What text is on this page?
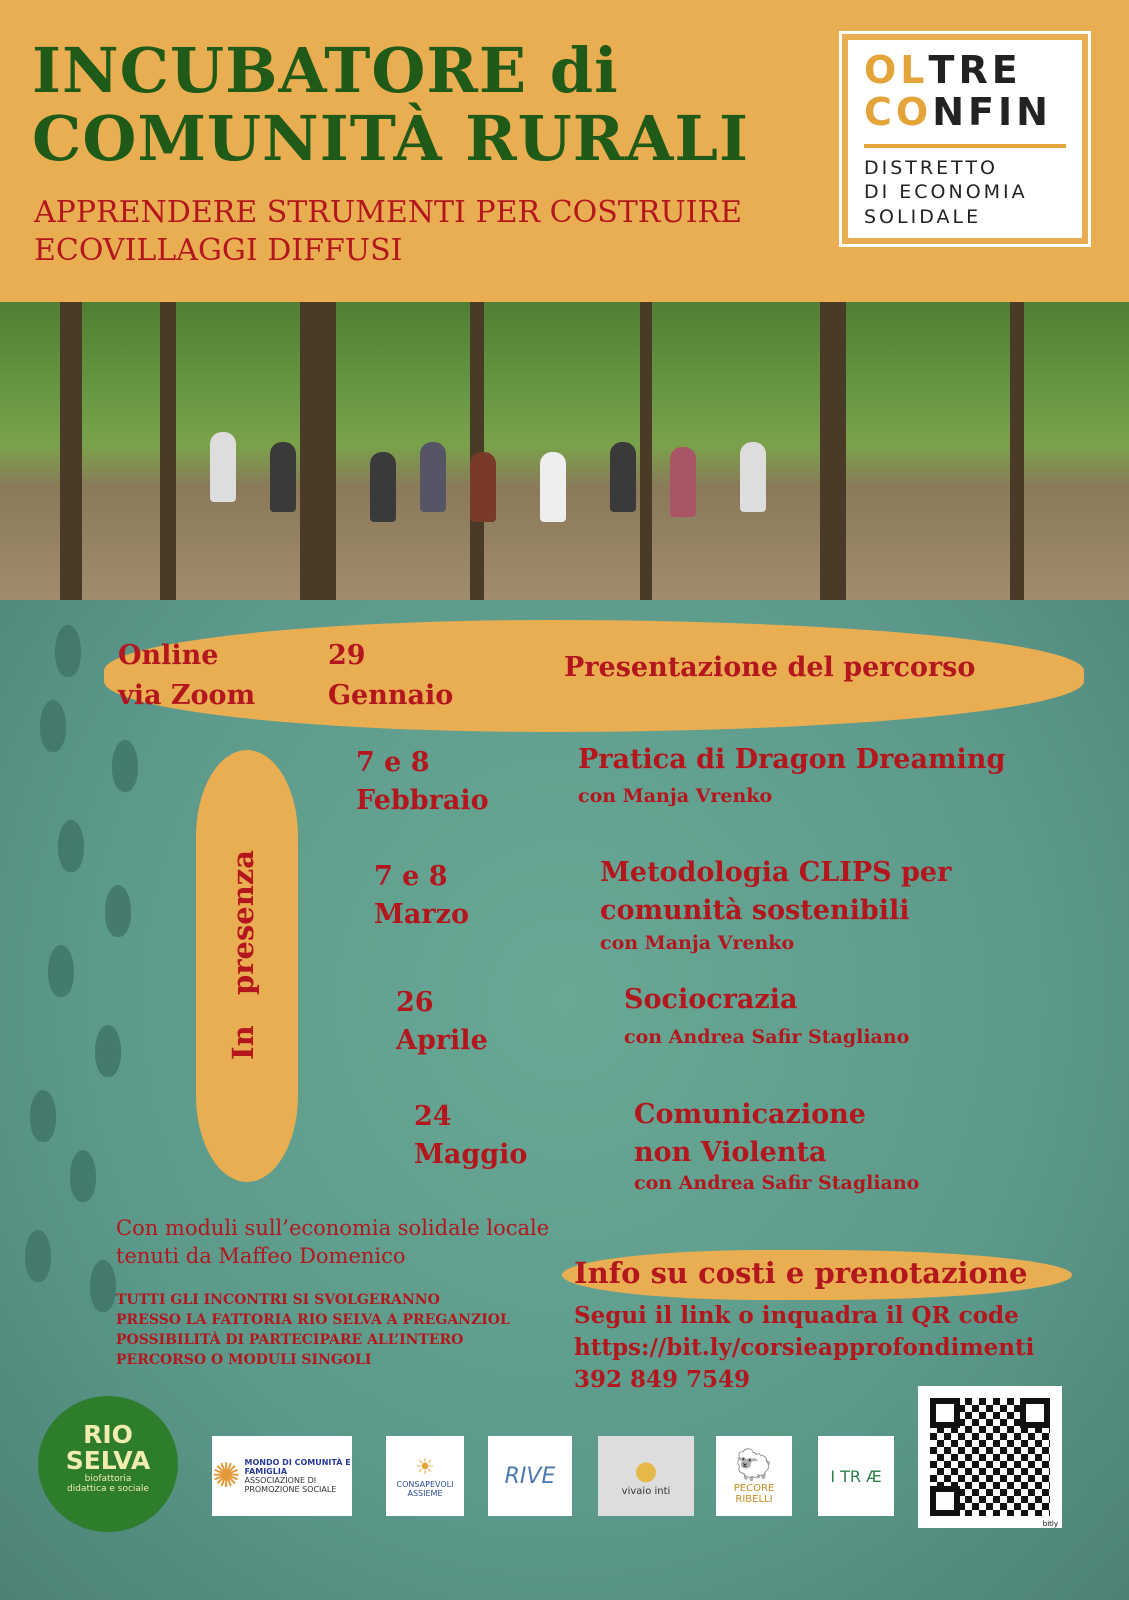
INCUBATORE di
COMUNITÀ RURALI
APPRENDERE STRUMENTI PER COSTRUIRE
ECOVILLAGGI DIFFUSI
OLTRE
CONFIN
DISTRETTO
DI ECONOMIA
SOLIDALE
Online
via Zoom
29
Gennaio
Presentazione del percorso
In   presenza
7 e 8
Febbraio
Pratica di Dragon Dreaming
con Manja Vrenko
7 e 8
Marzo
Metodologia CLIPS per
comunità sostenibili
con Manja Vrenko
26
Aprile
Sociocrazia
con Andrea Safir Stagliano
24
Maggio
Comunicazione
non Violenta
con Andrea Safir Stagliano
Con moduli sull’economia solidale locale
tenuti da Maffeo Domenico
TUTTI GLI INCONTRI SI SVOLGERANNO
PRESSO LA FATTORIA RIO SELVA A PREGANZIOL
POSSIBILITÀ DI PARTECIPARE ALL’INTERO
PERCORSO O MODULI SINGOLI
Info su costi e prenotazione
Segui il link o inquadra il QR code
https://bit.ly/corsieapprofondimenti
392 849 7549
RIO
SELVA
biofattoria
didattica e sociale	✺ MONDO DI COMUNITÀ E FAMIGLIA
ASSOCIAZIONE DI PROMOZIONE SOCIALE
☀
CONSAPEVOLI ASSIEME
RIVE	●
vivaio inti
🐑
PECORE RIBELLI
I TR Æ
bitly
